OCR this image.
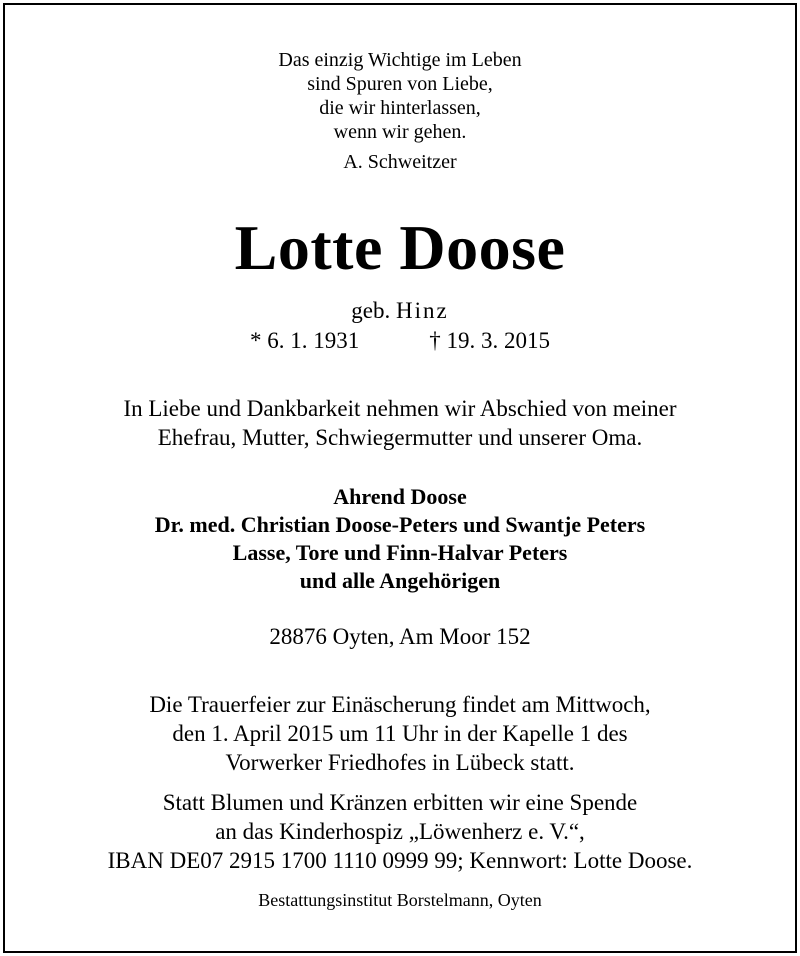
Das einzig Wichtige im Leben
sind Spuren von Liebe,
die wir hinterlassen,
wenn wir gehen.
A. Schweitzer
Lotte Doose
geb. Hinz
* 6. 1. 1931	† 19. 3. 2015
In Liebe und Dankbarkeit nehmen wir Abschied von meiner
Ehefrau, Mutter, Schwiegermutter und unserer Oma.
Ahrend Doose
Dr. med. Christian Doose-Peters und Swantje Peters
Lasse, Tore und Finn-Halvar Peters
und alle Angehörigen
28876 Oyten, Am Moor 152
Die Trauerfeier zur Einäscherung findet am Mittwoch,
den 1. April 2015 um 11 Uhr in der Kapelle 1 des
Vorwerker Friedhofes in Lübeck statt.
Statt Blumen und Kränzen erbitten wir eine Spende
an das Kinderhospiz „Löwenherz e. V.“,
IBAN DE07 2915 1700 1110 0999 99; Kennwort: Lotte Doose.
Bestattungsinstitut Borstelmann, Oyten
